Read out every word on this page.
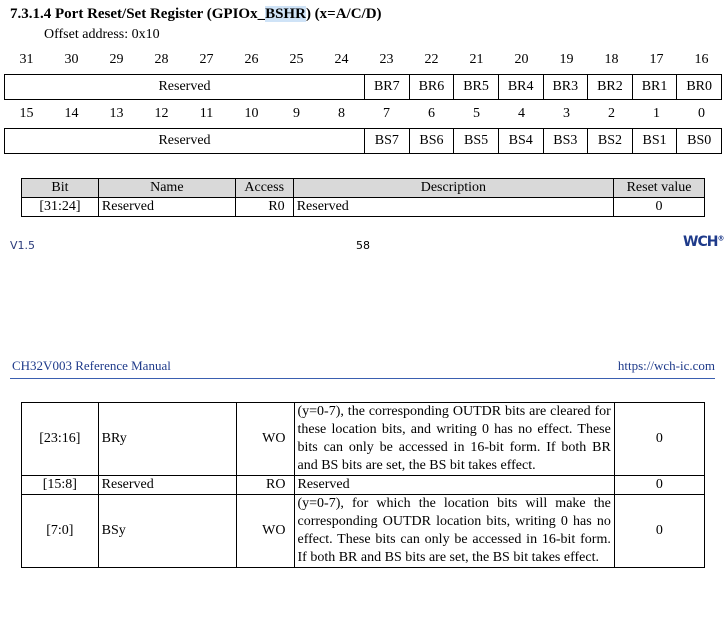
7.3.1.4 Port Reset/Set Register (GPIOx_BSHR) (x=A/C/D)
Offset address: 0x10
31	30	29	28	27	26	25	24	23	22	21	20	19	18	17	16
Reserved	BR7	BR6	BR5	BR4	BR3	BR2	BR1	BR0
15	14	13	12	11	10	9	8	7	6	5	4	3	2	1	0
Reserved	BS7	BS6	BS5	BS4	BS3	BS2	BS1	BS0
Bit	Name	Access	Description	Reset value
[31:24]	Reserved	R0	Reserved	0
V1.5	58	WCH®
CH32V003 Reference Manual	https://wch-ic.com
[23:16]	BRy	WO	(y=0-7), the corresponding OUTDR bits are cleared for these location bits, and writing 0 has no effect. These bits can only be accessed in 16-bit form. If both BR and BS bits are set, the BS bit takes effect.	0
[15:8]	Reserved	RO	Reserved	0
[7:0]	BSy	WO	(y=0-7), for which the location bits will make the corresponding OUTDR location bits, writing 0 has no effect. These bits can only be accessed in 16-bit form. If both BR and BS bits are set, the BS bit takes effect.	0
